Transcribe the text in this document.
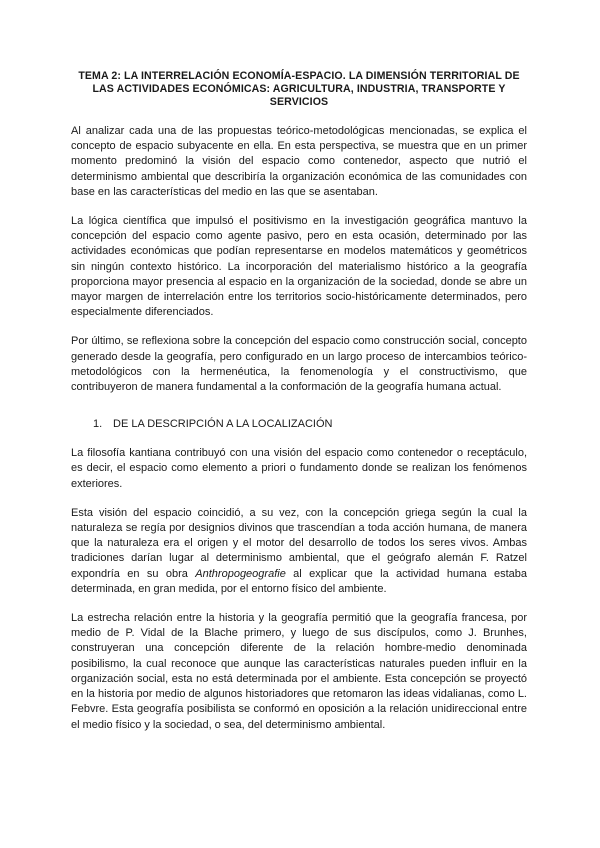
TEMA 2: LA INTERRELACIÓN ECONOMÍA-ESPACIO. LA DIMENSIÓN TERRITORIAL DE LAS ACTIVIDADES ECONÓMICAS: AGRICULTURA, INDUSTRIA, TRANSPORTE Y SERVICIOS

Al analizar cada una de las propuestas teórico-metodológicas mencionadas, se explica el concepto de espacio subyacente en ella. En esta perspectiva, se muestra que en un primer momento predominó la visión del espacio como contenedor, aspecto que nutrió el determinismo ambiental que describiría la organización económica de las comunidades con base en las características del medio en las que se asentaban.

La lógica científica que impulsó el positivismo en la investigación geográfica mantuvo la concepción del espacio como agente pasivo, pero en esta ocasión, determinado por las actividades económicas que podían representarse en modelos matemáticos y geométricos sin ningún contexto histórico. La incorporación del materialismo histórico a la geografía proporciona mayor presencia al espacio en la organización de la sociedad, donde se abre un mayor margen de interrelación entre los territorios socio-históricamente determinados, pero especialmente diferenciados.

Por último, se reflexiona sobre la concepción del espacio como construcción social, concepto generado desde la geografía, pero configurado en un largo proceso de intercambios teórico-metodológicos con la hermenéutica, la fenomenología y el constructivismo, que contribuyeron de manera fundamental a la conformación de la geografía humana actual.

1. DE LA DESCRIPCIÓN A LA LOCALIZACIÓN

La filosofía kantiana contribuyó con una visión del espacio como contenedor o receptáculo, es decir, el espacio como elemento a priori o fundamento donde se realizan los fenómenos exteriores.

Esta visión del espacio coincidió, a su vez, con la concepción griega según la cual la naturaleza se regía por designios divinos que trascendían a toda acción humana, de manera que la naturaleza era el origen y el motor del desarrollo de todos los seres vivos. Ambas tradiciones darían lugar al determinismo ambiental, que el geógrafo alemán F. Ratzel expondría en su obra Anthropogeografie al explicar que la actividad humana estaba determinada, en gran medida, por el entorno físico del ambiente.

La estrecha relación entre la historia y la geografía permitió que la geografía francesa, por medio de P. Vidal de la Blache primero, y luego de sus discípulos, como J. Brunhes, construyeran una concepción diferente de la relación hombre-medio denominada posibilismo, la cual reconoce que aunque las características naturales pueden influir en la organización social, esta no está determinada por el ambiente. Esta concepción se proyectó en la historia por medio de algunos historiadores que retomaron las ideas vidalianas, como L. Febvre. Esta geografía posibilista se conformó en oposición a la relación unidireccional entre el medio físico y la sociedad, o sea, del determinismo ambiental.
